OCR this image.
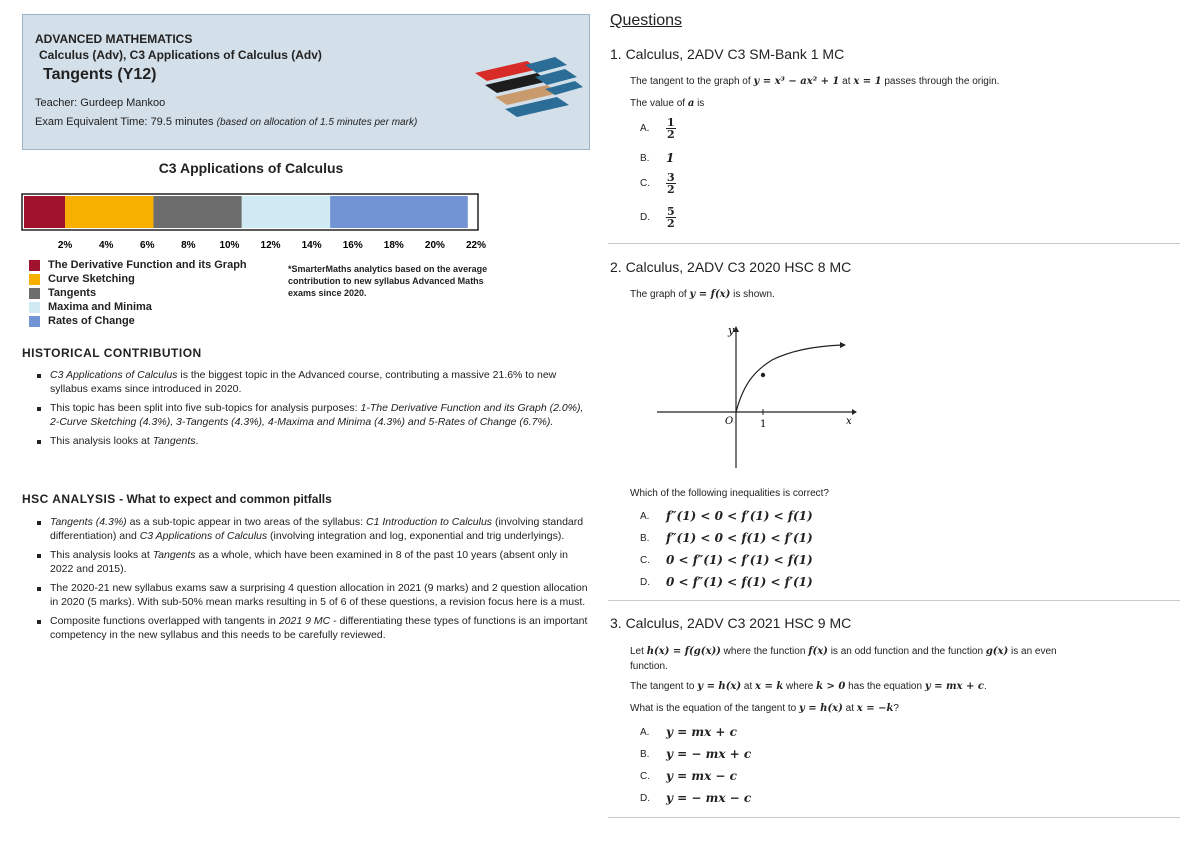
ADVANCED MATHEMATICS
Calculus (Adv), C3 Applications of Calculus (Adv)
Tangents (Y12)
Teacher: Gurdeep Mankoo
Exam Equivalent Time: 79.5 minutes (based on allocation of 1.5 minutes per mark)
C3 Applications of Calculus
2%	4%	6%	8% 10% 12% 14% 16% 18% 20% 22%
The Derivative Function and its Graph
Curve Sketching
Tangents
Maxima and Minima
Rates of Change
*SmarterMaths analytics based on the average contribution to new syllabus Advanced Maths exams since 2020.
HISTORICAL CONTRIBUTION
C3 Applications of Calculus is the biggest topic in the Advanced course, contributing a massive 21.6% to new syllabus exams since introduced in 2020.
This topic has been split into five sub-topics for analysis purposes: 1-The Derivative Function and its Graph (2.0%), 2-Curve Sketching (4.3%), 3-Tangents (4.3%), 4-Maxima and Minima (4.3%) and 5-Rates of Change (6.7%).
This analysis looks at Tangents.
HSC ANALYSIS - What to expect and common pitfalls
Tangents (4.3%) as a sub-topic appear in two areas of the syllabus: C1 Introduction to Calculus (involving standard differentiation) and C3 Applications of Calculus (involving integration and log, exponential and trig underlyings).
This analysis looks at Tangents as a whole, which have been examined in 8 of the past 10 years (absent only in 2022 and 2015).
The 2020-21 new syllabus exams saw a surprising 4 question allocation in 2021 (9 marks) and 2 question allocation in 2020 (5 marks). With sub-50% mean marks resulting in 5 of 6 of these questions, a revision focus here is a must.
Composite functions overlapped with tangents in 2021 9 MC - differentiating these types of functions is an important competency in the new syllabus and this needs to be carefully reviewed.
Questions
1. Calculus, 2ADV C3 SM-Bank 1 MC
The tangent to the graph of y = x³ − ax² + 1 at x = 1 passes through the origin.
The value of a is
A.	$\frac{1}{2}$
B.	1
C.	$\frac{3}{2}$
D.	$\frac{5}{2}$
2. Calculus, 2ADV C3 2020 HSC 8 MC
The graph of y = f(x) is shown.
y
O	1	x
Which of the following inequalities is correct?
A.	f″(1) < 0 < f′(1) < f(1)
B.	f″(1) < 0 < f(1) < f′(1)
C.	0 < f″(1) < f′(1) < f(1)
D.	0 < f″(1) < f(1) < f′(1)
3. Calculus, 2ADV C3 2021 HSC 9 MC
Let h(x) = f(g(x)) where the function f(x) is an odd function and the function g(x) is an even
function.
The tangent to y = h(x) at x = k where k > 0 has the equation y = mx + c.
What is the equation of the tangent to y = h(x) at x = −k?
A.	y = mx + c
B.	y = − mx + c
C.	y = mx − c
D.	y = − mx − c
